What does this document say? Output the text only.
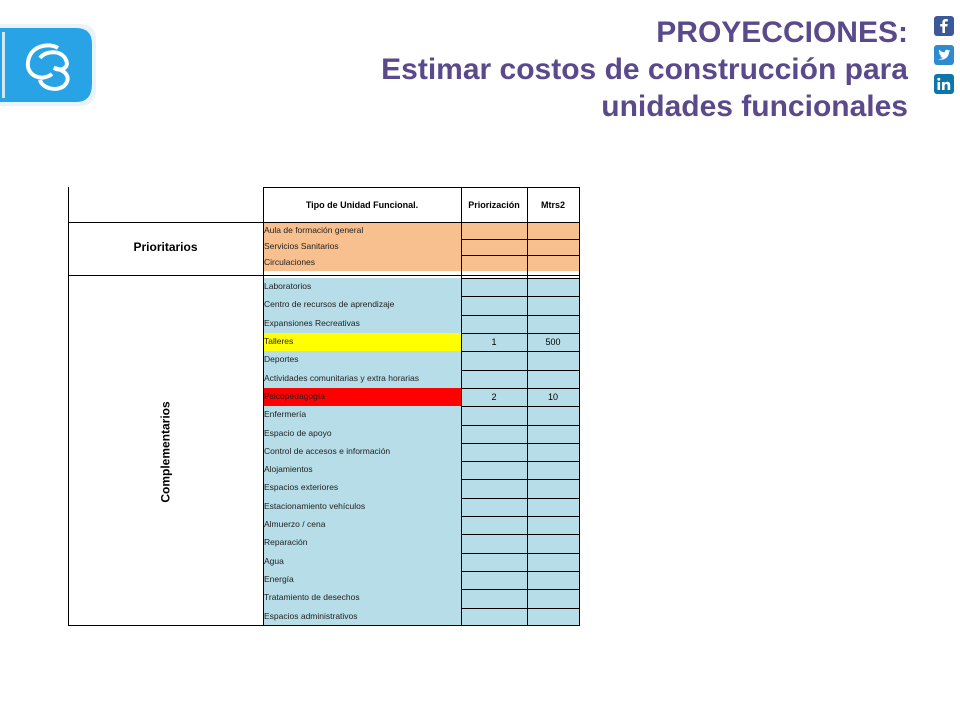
PROYECCIONES:
Estimar costos de construcción para
unidades funcionales
Tipo de Unidad Funcional.	Priorización	Mtrs2
Prioritarios
Aula de formación general
Servicios Sanitarios
Circulaciones
Complementarios
Laboratorios
Centro de recursos de aprendizaje
Expansiones Recreativas
Talleres	1	500
Deportes
Actividades comunitarias y extra horarias
Psicopedagogía	2	10
Enfermería
Espacio de apoyo
Control de accesos e información
Alojamientos
Espacios exteriores
Estacionamiento vehículos
Almuerzo / cena
Reparación
Agua
Energía
Tratamiento de desechos
Espacios administrativos
